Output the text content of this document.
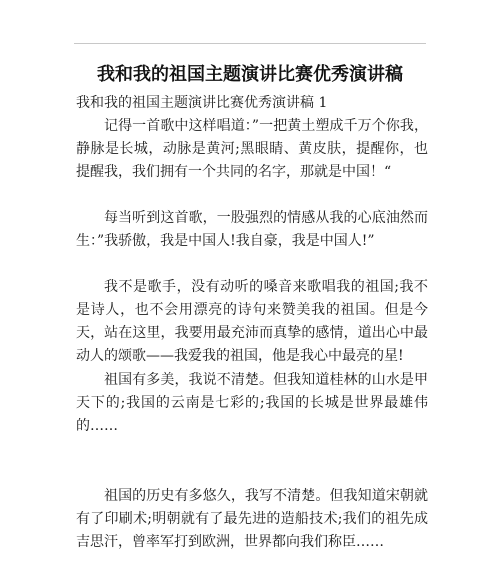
我和我的祖国主题演讲比赛优秀演讲稿
我和我的祖国主题演讲比赛优秀演讲稿 1

记得一首歌中这样唱道：”一把黄土塑成千万个你我，静脉是长城，动脉是黄河;黑眼睛、黄皮肤，提醒你，也提醒我，我们拥有一个共同的名字，那就是中国！“

每当听到这首歌，一股强烈的情感从我的心底油然而生：”我骄傲，我是中国人!我自豪，我是中国人!”

我不是歌手，没有动听的嗓音来歌唱我的祖国;我不是诗人，也不会用漂亮的诗句来赞美我的祖国。但是今天，站在这里，我要用最充沛而真挚的感情，道出心中最动人的颂歌——我爱我的祖国，他是我心中最亮的星!

祖国有多美，我说不清楚。但我知道桂林的山水是甲天下的;我国的云南是七彩的;我国的长城是世界最雄伟的……

祖国的历史有多悠久，我写不清楚。但我知道宋朝就有了印刷术;明朝就有了最先进的造船技术;我们的祖先成吉思汗，曾率军打到欧洲，世界都向我们称臣……
